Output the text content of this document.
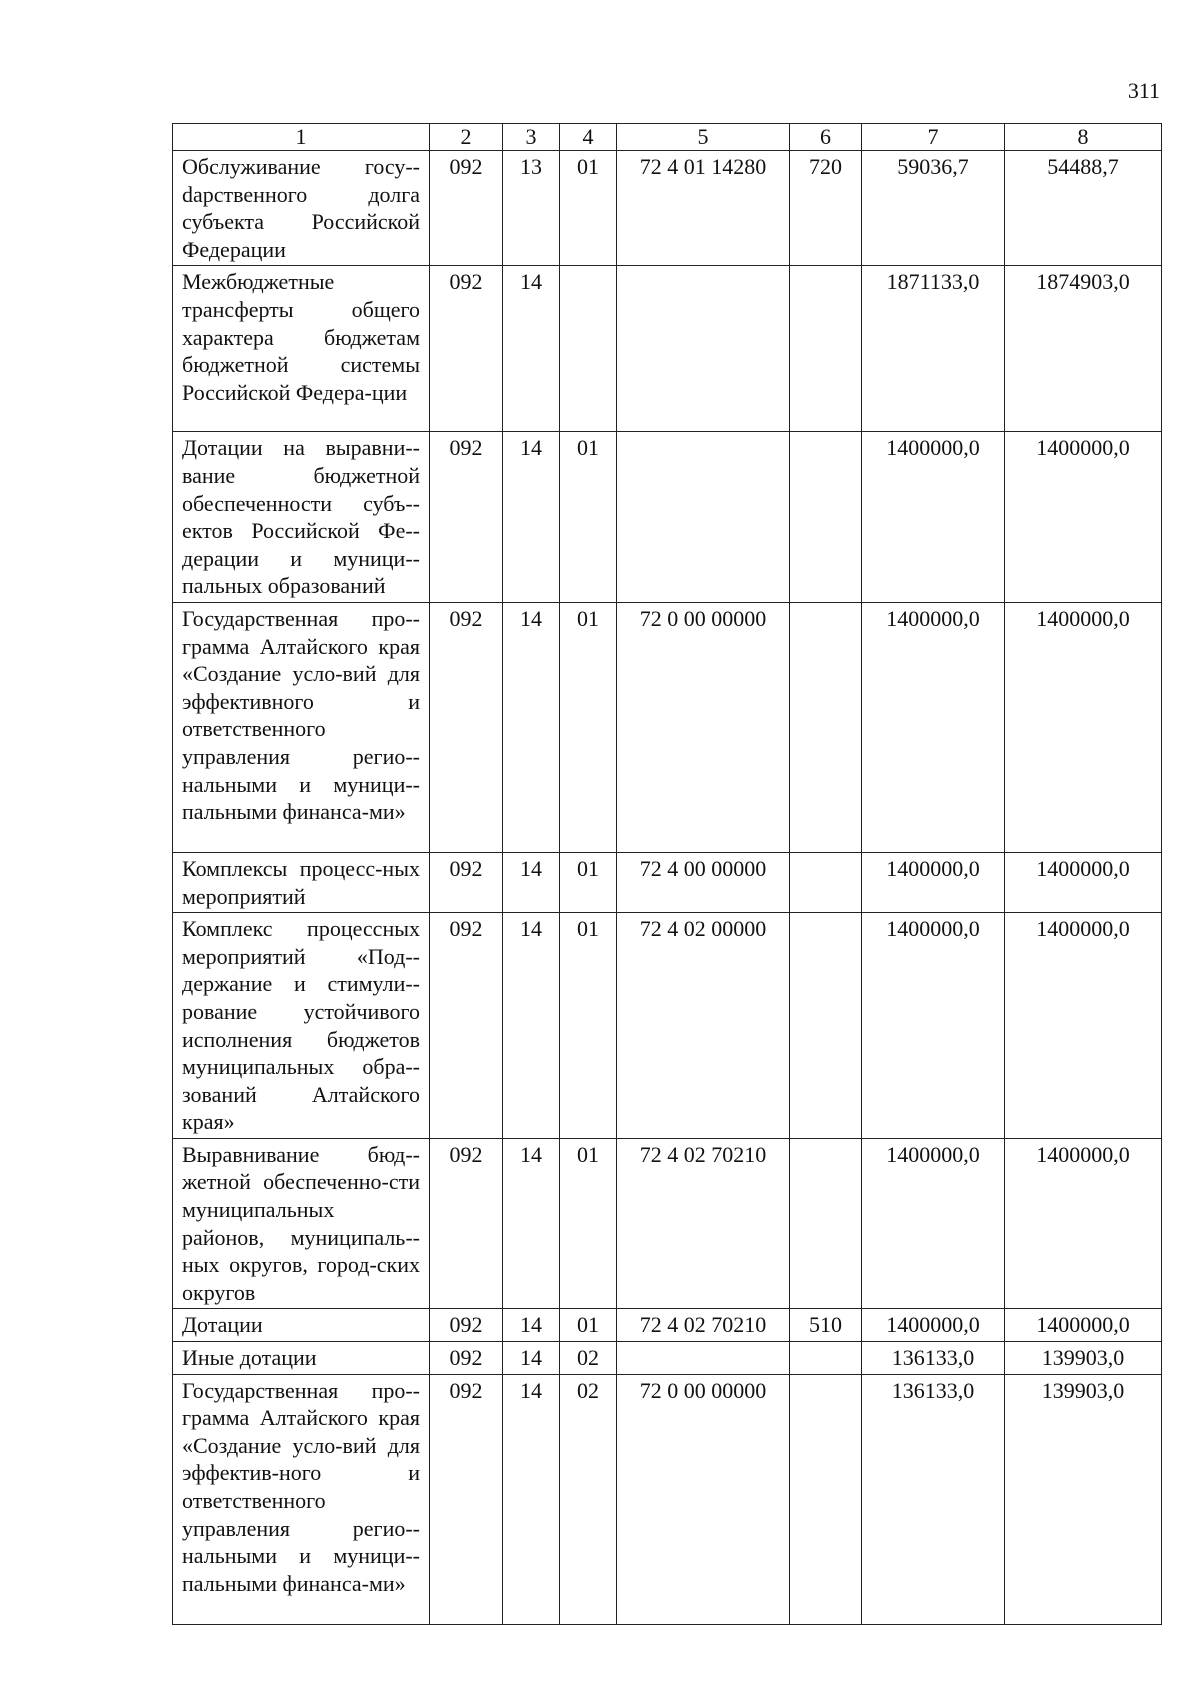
311
1	2	3	4	5	6	7	8
Обслуживание госу-dарственного долга субъекта Российской Федерации	092	13	01	72 4 01 14280	720	59036,7	54488,7
Межбюджетные трансферты общего характера бюджетам бюджетной системы Российской Федера-ции	092	14				1871133,0	1874903,0
Дотации на выравни-вание бюджетной обеспеченности субъ-ектов Российской Фе-дерации и муници-пальных образований	092	14	01			1400000,0	1400000,0
Государственная про-грамма Алтайского края «Создание усло-вий для эффективного и ответственного управления регио-нальными и муници-пальными финанса-ми»	092	14	01	72 0 00 00000		1400000,0	1400000,0
Комплексы процесс-ных мероприятий	092	14	01	72 4 00 00000		1400000,0	1400000,0
Комплекс процессных мероприятий «Под-держание и стимули-рование устойчивого исполнения бюджетов муниципальных обра-зований Алтайского края»	092	14	01	72 4 02 00000		1400000,0	1400000,0
Выравнивание бюд-жетной обеспеченно-сти муниципальных районов, муниципаль-ных округов, город-ских округов	092	14	01	72 4 02 70210		1400000,0	1400000,0
Дотации	092	14	01	72 4 02 70210	510	1400000,0	1400000,0
Иные дотации	092	14	02			136133,0	139903,0
Государственная про-грамма Алтайского края «Создание усло-вий для эффектив-ного и ответственного управления регио-нальными и муници-пальными финанса-ми»	092	14	02	72 0 00 00000		136133,0	139903,0
